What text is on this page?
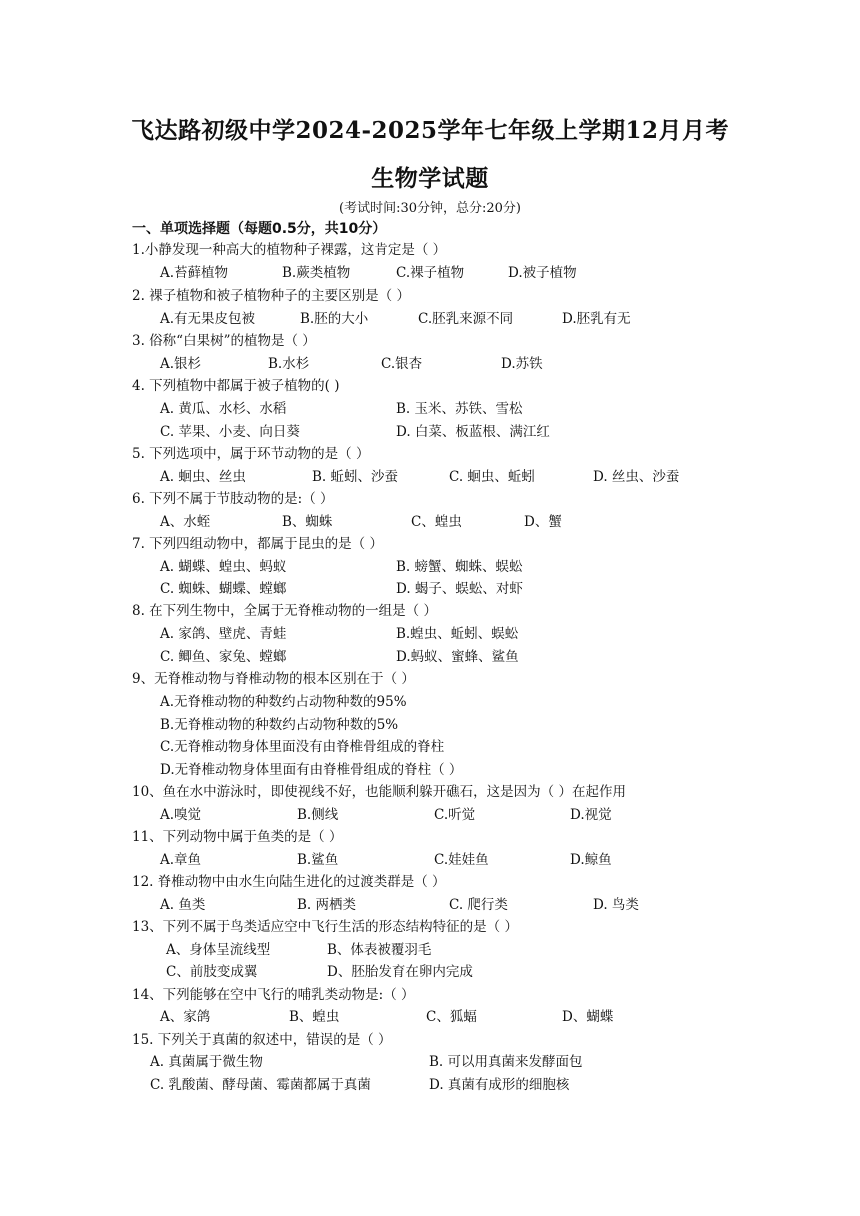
飞达路初级中学2024-2025学年七年级上学期12月月考
生物学试题
(考试时间:30分钟，总分:20分)
一、单项选择题（每题0.5分，共10分）
1.小静发现一种高大的植物种子裸露，这肯定是（ ）
A.苔藓植物	B.蕨类植物	C.裸子植物	D.被子植物
2. 裸子植物和被子植物种子的主要区别是（ ）
A.有无果皮包被	B.胚的大小	C.胚乳来源不同	D.胚乳有无
3. 俗称“白果树”的植物是（ ）
A.银杉	B.水杉	C.银杏	D.苏铁
4. 下列植物中都属于被子植物的( )
A. 黄瓜、水杉、水稻	B. 玉米、苏铁、雪松
C. 苹果、小麦、向日葵	D. 白菜、板蓝根、满江红
5. 下列选项中，属于环节动物的是（ ）
A. 蛔虫、丝虫	B. 蚯蚓、沙蚕	C. 蛔虫、蚯蚓	D. 丝虫、沙蚕
6. 下列不属于节肢动物的是:（ ）
A、水蛭	B、蜘蛛	C、蝗虫	D、蟹
7. 下列四组动物中，都属于昆虫的是（ ）
A. 蝴蝶、蝗虫、蚂蚁	B. 螃蟹、蜘蛛、蜈蚣
C. 蜘蛛、蝴蝶、螳螂	D. 蝎子、蜈蚣、对虾
8. 在下列生物中，全属于无脊椎动物的一组是（ ）
A. 家鸽、壁虎、青蛙	B.蝗虫、蚯蚓、蜈蚣
C. 鲫鱼、家兔、螳螂	D.蚂蚁、蜜蜂、鲨鱼
9、无脊椎动物与脊椎动物的根本区别在于（ ）
A.无脊椎动物的种数约占动物种数的95%
B.无脊椎动物的种数约占动物种数的5%
C.无脊椎动物身体里面没有由脊椎骨组成的脊柱
D.无脊椎动物身体里面有由脊椎骨组成的脊柱（ ）
10、鱼在水中游泳时，即使视线不好，也能顺利躲开礁石，这是因为（ ）在起作用
A.嗅觉	B.侧线	C.听觉	D.视觉
11、下列动物中属于鱼类的是（ ）
A.章鱼	B.鲨鱼	C.娃娃鱼	D.鲸鱼
12. 脊椎动物中由水生向陆生进化的过渡类群是（ ）
A. 鱼类	B. 两栖类	C. 爬行类	D. 鸟类
13、下列不属于鸟类适应空中飞行生活的形态结构特征的是（ ）
A、身体呈流线型	B、体表被覆羽毛
C、前肢变成翼	D、胚胎发育在卵内完成
14、下列能够在空中飞行的哺乳类动物是:（ ）
A、家鸽	B、蝗虫	C、狐蝠	D、蝴蝶
15. 下列关于真菌的叙述中，错误的是（ ）
A. 真菌属于微生物	B. 可以用真菌来发酵面包
C. 乳酸菌、酵母菌、霉菌都属于真菌	D. 真菌有成形的细胞核
